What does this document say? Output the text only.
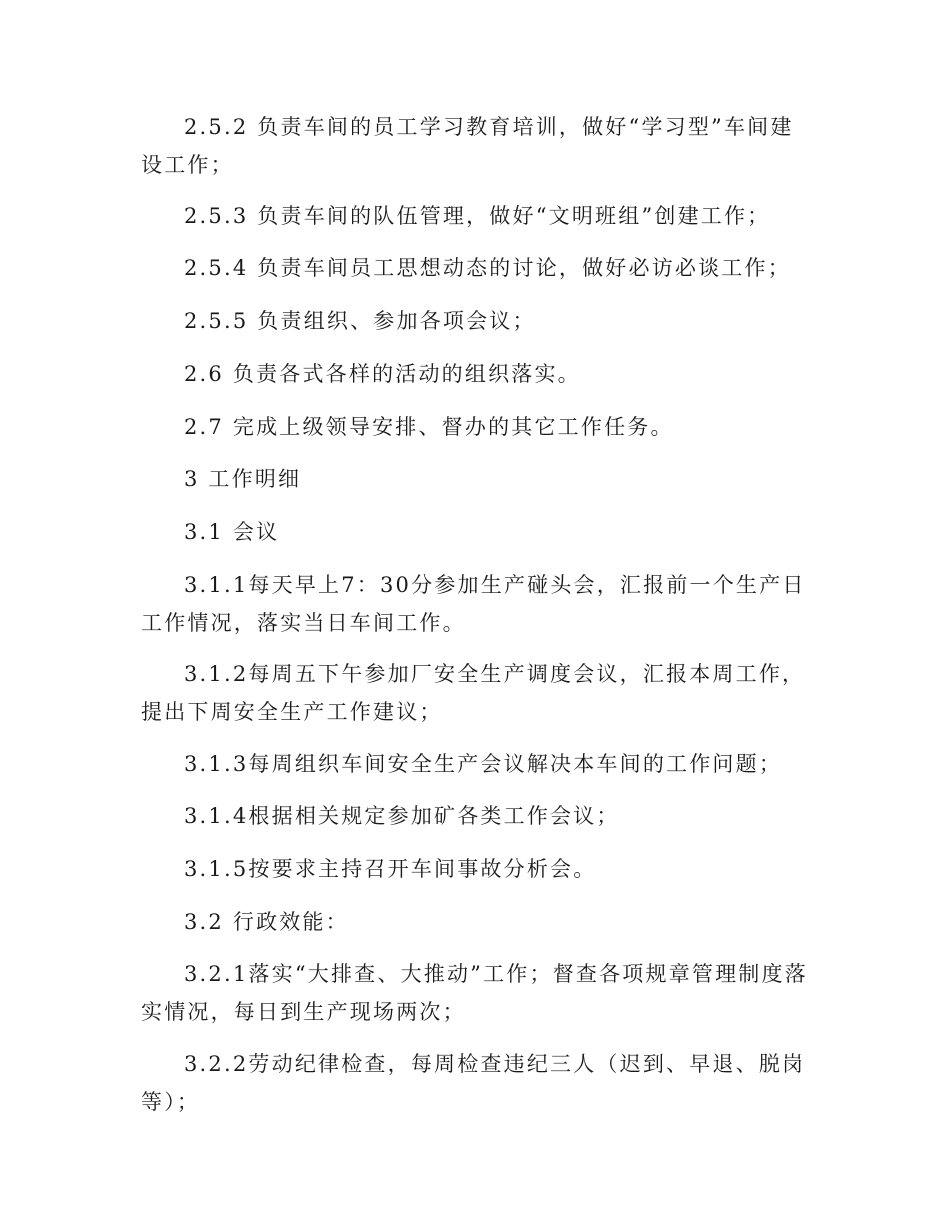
2.5.2 负责车间的员工学习教育培训，做好“学习型”车间建设工作；

2.5.3 负责车间的队伍管理，做好“文明班组”创建工作；

2.5.4 负责车间员工思想动态的讨论，做好必访必谈工作；

2.5.5 负责组织、参加各项会议；

2.6 负责各式各样的活动的组织落实。

2.7 完成上级领导安排、督办的其它工作任务。

3 工作明细

3.1 会议

3.1.1每天早上7：30分参加生产碰头会，汇报前一个生产日工作情况，落实当日车间工作。

3.1.2每周五下午参加厂安全生产调度会议，汇报本周工作，提出下周安全生产工作建议；

3.1.3每周组织车间安全生产会议解决本车间的工作问题；

3.1.4根据相关规定参加矿各类工作会议；

3.1.5按要求主持召开车间事故分析会。

3.2 行政效能：

3.2.1落实“大排查、大推动”工作；督查各项规章管理制度落实情况，每日到生产现场两次；

3.2.2劳动纪律检查，每周检查违纪三人（迟到、早退、脱岗等）；
